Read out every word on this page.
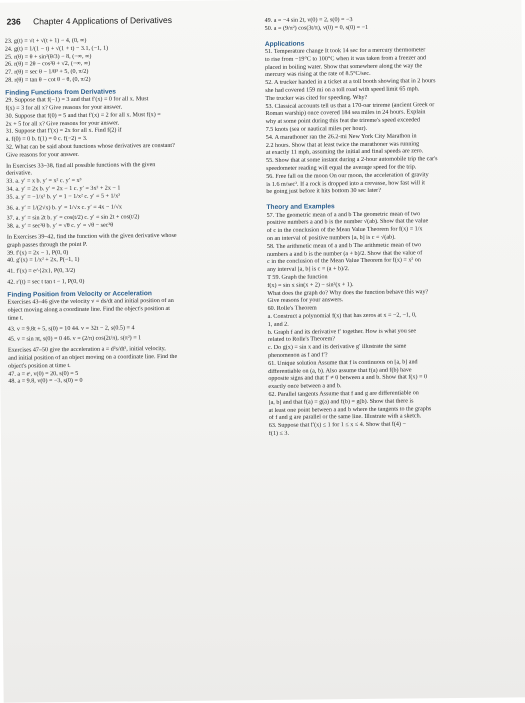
236 Chapter 4 Applications of Derivatives
23. g(t) = √t + √(t + 1) − 4, (0, ∞)
24. g(t) = 1/(1 − t) + √(1 + t) − 3.1, (−1, 1)
25. r(θ) = θ + sin²(θ/3) − 8, (−∞, ∞)
26. r(θ) = 2θ − cos²θ + √2, (−∞, ∞)
27. r(θ) = sec θ − 1/θ³ + 5, (0, π/2)
28. r(θ) = tan θ − cot θ − θ, (0, π/2)
Finding Functions from Derivatives
29. Suppose that f(−1) = 3 and that f′(x) = 0 for all x. Must
f(x) = 3 for all x? Give reasons for your answer.
30. Suppose that f(0) = 5 and that f′(x) = 2 for all x. Must f(x) =
2x + 5 for all x? Give reasons for your answer.
31. Suppose that f′(x) = 2x for all x. Find f(2) if
a. f(0) = 0 b. f(1) = 0 c. f(−2) = 3.
32. What can be said about functions whose derivatives are constant?
Give reasons for your answer.
In Exercises 33–38, find all possible functions with the given
derivative.
33. a. y′ = x b. y′ = x² c. y′ = x³
34. a. y′ = 2x b. y′ = 2x − 1 c. y′ = 3x² + 2x − 1
35. a. y′ = −1/x² b. y′ = 1 − 1/x² c. y′ = 5 + 1/x²
36. a. y′ = 1/(2√x) b. y′ = 1/√x c. y′ = 4x − 1/√x
37. a. y′ = sin 2t b. y′ = cos(t/2) c. y′ = sin 2t + cos(t/2)
38. a. y′ = sec²θ b. y′ = √θ c. y′ = √θ − sec²θ
In Exercises 39–42, find the function with the given derivative whose
graph passes through the point P.
39. f′(x) = 2x − 1, P(0, 0)
40. g′(x) = 1/x² + 2x, P(−1, 1)
41. f′(x) = e^{2x}, P(0, 3/2)
42. r′(t) = sec t tan t − 1, P(0, 0)
Finding Position from Velocity or Acceleration
Exercises 43–46 give the velocity v = ds/dt and initial position of an
object moving along a coordinate line. Find the object's position at
time t.
43. v = 9.8t + 5, s(0) = 10 44. v = 32t − 2, s(0.5) = 4
45. v = sin πt, s(0) = 0 46. v = (2/π) cos(2t/π), s(π²) = 1
Exercises 47–50 give the acceleration a = d²s/dt², initial velocity,
and initial position of an object moving on a coordinate line. Find the
object's position at time t.
47. a = eᵗ, v(0) = 20, s(0) = 5
48. a = 9.8, v(0) = −3, s(0) = 0
49. a = −4 sin 2t, v(0) = 2, s(0) = −3
50. a = (9/π²) cos(3t/π), v(0) = 0, s(0) = −1
Applications
51. Temperature change It took 14 sec for a mercury thermometer
to rise from −19°C to 100°C when it was taken from a freezer and
placed in boiling water. Show that somewhere along the way the
mercury was rising at the rate of 8.5°C/sec.
52. A trucker handed in a ticket at a toll booth showing that in 2 hours
she had covered 159 mi on a toll road with speed limit 65 mph.
The trucker was cited for speeding. Why?
53. Classical accounts tell us that a 170-oar trireme (ancient Greek or
Roman warship) once covered 184 sea miles in 24 hours. Explain
why at some point during this feat the trireme's speed exceeded
7.5 knots (sea or nautical miles per hour).
54. A marathoner ran the 26.2-mi New York City Marathon in
2.2 hours. Show that at least twice the marathoner was running
at exactly 11 mph, assuming the initial and final speeds are zero.
55. Show that at some instant during a 2-hour automobile trip the car's
speedometer reading will equal the average speed for the trip.
56. Free fall on the moon On our moon, the acceleration of gravity
is 1.6 m/sec². If a rock is dropped into a crevasse, how fast will it
be going just before it hits bottom 30 sec later?
Theory and Examples
57. The geometric mean of a and b The geometric mean of two
positive numbers a and b is the number √(ab). Show that the value
of c in the conclusion of the Mean Value Theorem for f(x) = 1/x
on an interval of positive numbers [a, b] is c = √(ab).
58. The arithmetic mean of a and b The arithmetic mean of two
numbers a and b is the number (a + b)/2. Show that the value of
c in the conclusion of the Mean Value Theorem for f(x) = x² on
any interval [a, b] is c = (a + b)/2.
T 59. Graph the function
f(x) = sin x sin(x + 2) − sin²(x + 1).
What does the graph do? Why does the function behave this way?
Give reasons for your answers.
60. Rolle's Theorem
a. Construct a polynomial f(x) that has zeros at x = −2, −1, 0,
1, and 2.
b. Graph f and its derivative f′ together. How is what you see
related to Rolle's Theorem?
c. Do g(x) = sin x and its derivative g′ illustrate the same
phenomenon as f and f′?
61. Unique solution Assume that f is continuous on [a, b] and
differentiable on (a, b). Also assume that f(a) and f(b) have
opposite signs and that f′ ≠ 0 between a and b. Show that f(x) = 0
exactly once between a and b.
62. Parallel tangents Assume that f and g are differentiable on
[a, b] and that f(a) = g(a) and f(b) = g(b). Show that there is
at least one point between a and b where the tangents to the graphs
of f and g are parallel or the same line. Illustrate with a sketch.
63. Suppose that f′(x) ≤ 1 for 1 ≤ x ≤ 4. Show that f(4) −
f(1) ≤ 3.
